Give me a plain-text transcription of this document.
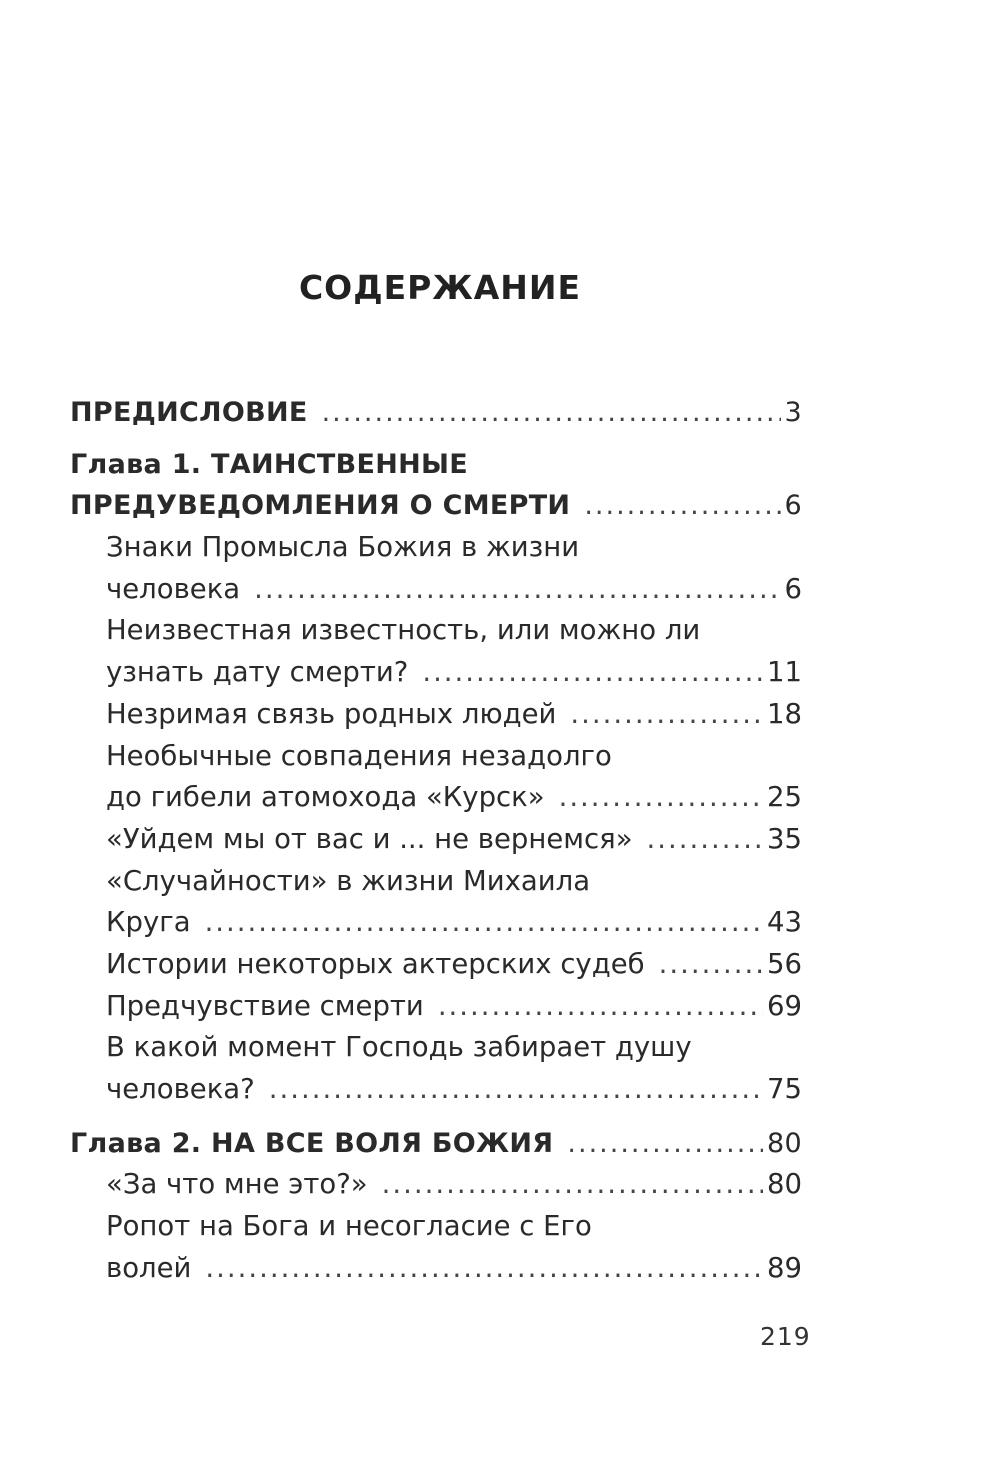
СОДЕРЖАНИЕ
ПРЕДИСЛОВИЕ .....	3
Глава 1. ТАИНСТВЕННЫЕ
ПРЕДУВЕДОМЛЕНИЯ О СМЕРТИ .....	6
Знаки Промысла Божия в жизни
человека .....	6
Неизвестная известность, или можно ли
узнать дату смерти? .....	11
Незримая связь родных людей .....	18
Необычные совпадения незадолго
до гибели атомохода «Курск» .....	25
«Уйдем мы от вас и ... не вернемся» .....	35
«Случайности» в жизни Михаила
Круга .....	43
Истории некоторых актерских судеб .....	56
Предчувствие смерти .....	69
В какой момент Господь забирает душу
человека? .....	75
Глава 2. НА ВСЕ ВОЛЯ БОЖИЯ .....	80
«За что мне это?» .....	80
Ропот на Бога и несогласие с Его
волей .....	89
219
